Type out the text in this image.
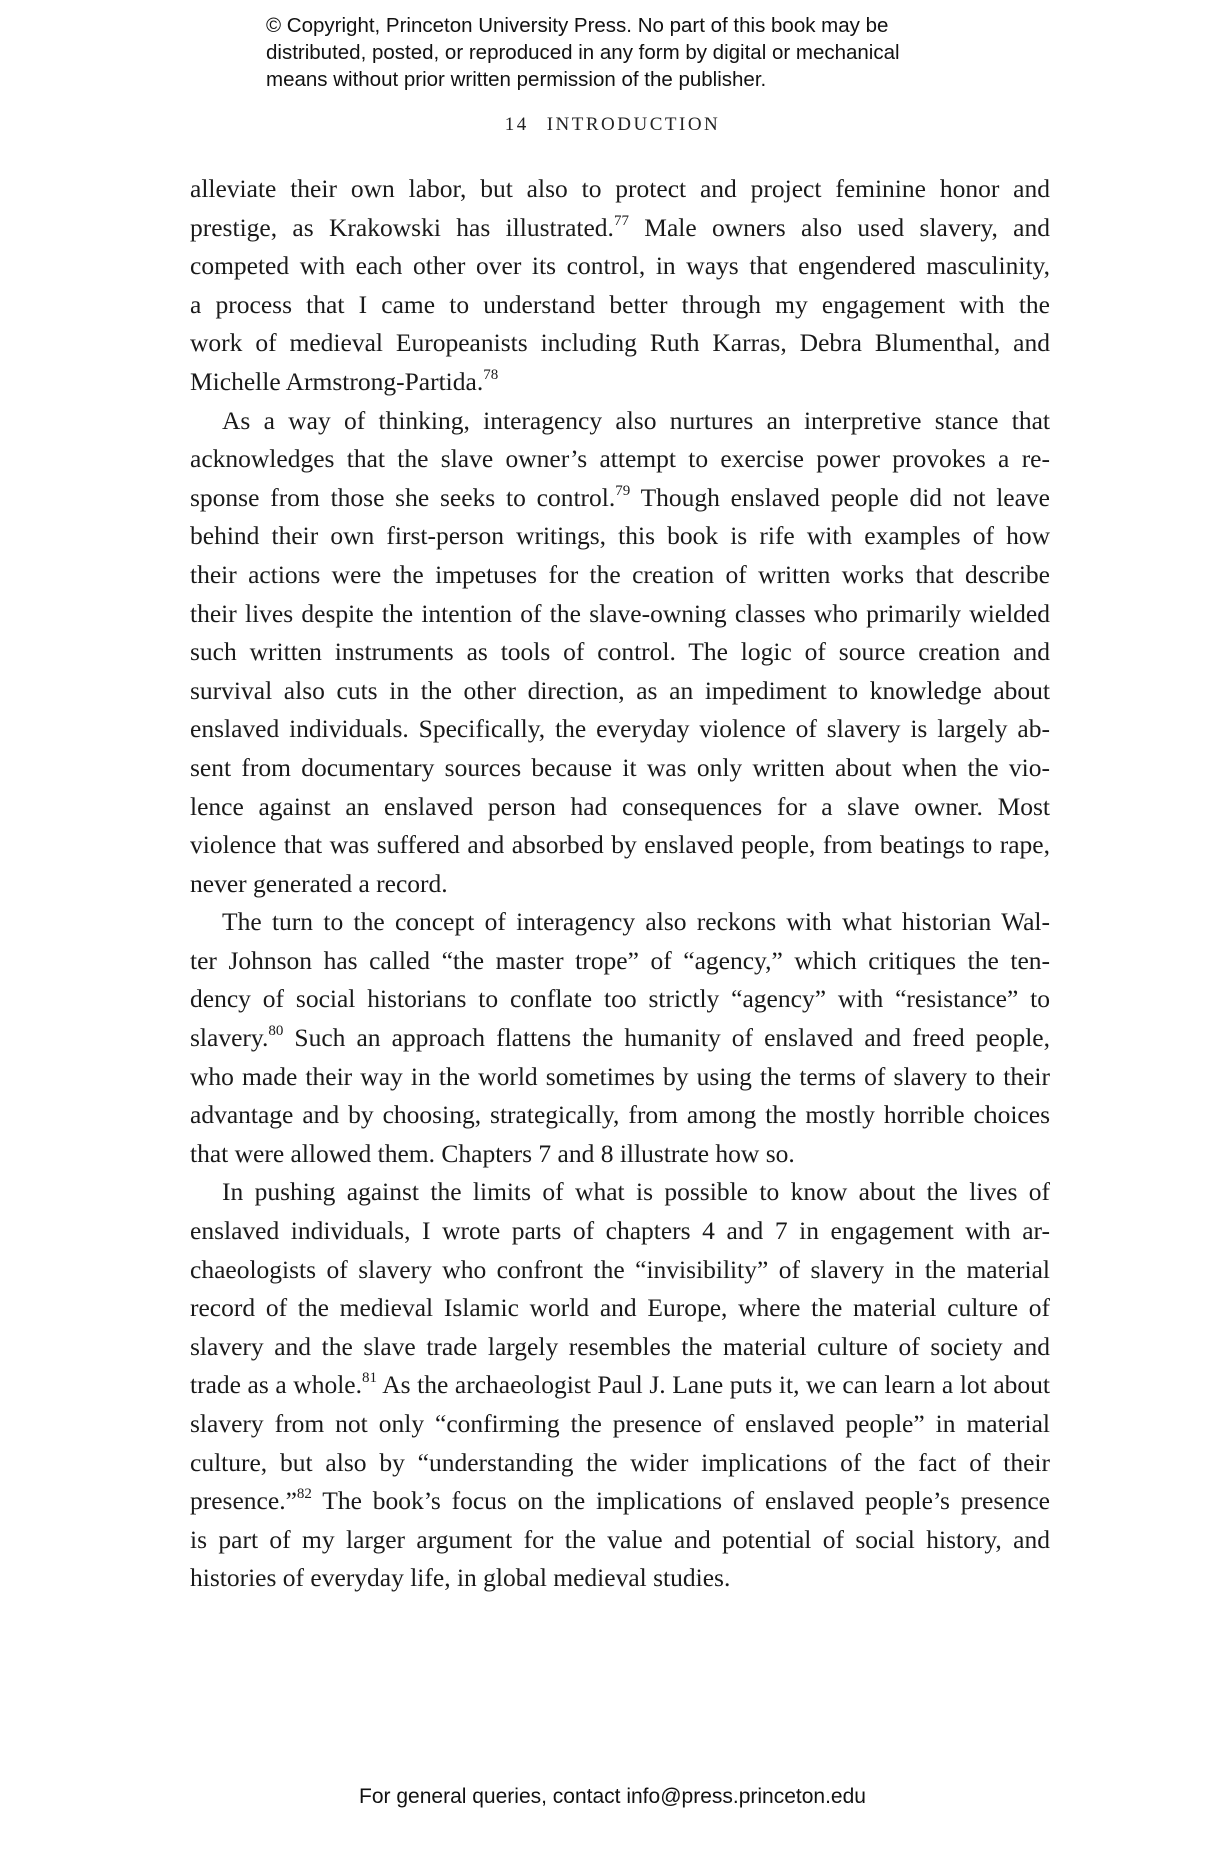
© Copyright, Princeton University Press. No part of this book may be
distributed, posted, or reproduced in any form by digital or mechanical
means without prior written permission of the publisher.
14 INTRODUCTION
alleviate their own labor, but also to protect and project feminine honor and
prestige, as Krakowski has illustrated.$^{77}$ Male owners also used slavery, and
competed with each other over its control, in ways that engendered masculinity,
a process that I came to understand better through my engagement with the
work of medieval Europeanists including Ruth Karras, Debra Blumenthal, and
Michelle Armstrong-Partida.$^{78}$
As a way of thinking, interagency also nurtures an interpretive stance that
acknowledges that the slave owner’s attempt to exercise power provokes a re-
sponse from those she seeks to control.$^{79}$ Though enslaved people did not leave
behind their own first-person writings, this book is rife with examples of how
their actions were the impetuses for the creation of written works that describe
their lives despite the intention of the slave-owning classes who primarily wielded
such written instruments as tools of control. The logic of source creation and
survival also cuts in the other direction, as an impediment to knowledge about
enslaved individuals. Specifically, the everyday violence of slavery is largely ab-
sent from documentary sources because it was only written about when the vio-
lence against an enslaved person had consequences for a slave owner. Most
violence that was suffered and absorbed by enslaved people, from beatings to rape,
never generated a record.
The turn to the concept of interagency also reckons with what historian Wal-
ter Johnson has called “the master trope” of “agency,” which critiques the ten-
dency of social historians to conflate too strictly “agency” with “resistance” to
slavery.$^{80}$ Such an approach flattens the humanity of enslaved and freed people,
who made their way in the world sometimes by using the terms of slavery to their
advantage and by choosing, strategically, from among the mostly horrible choices
that were allowed them. Chapters 7 and 8 illustrate how so.
In pushing against the limits of what is possible to know about the lives of
enslaved individuals, I wrote parts of chapters 4 and 7 in engagement with ar-
chaeologists of slavery who confront the “invisibility” of slavery in the material
record of the medieval Islamic world and Europe, where the material culture of
slavery and the slave trade largely resembles the material culture of society and
trade as a whole.$^{81}$ As the archaeologist Paul J. Lane puts it, we can learn a lot about
slavery from not only “confirming the presence of enslaved people” in material
culture, but also by “understanding the wider implications of the fact of their
presence.”$^{82}$ The book’s focus on the implications of enslaved people’s presence
is part of my larger argument for the value and potential of social history, and
histories of everyday life, in global medieval studies.
For general queries, contact info@press.princeton.edu
